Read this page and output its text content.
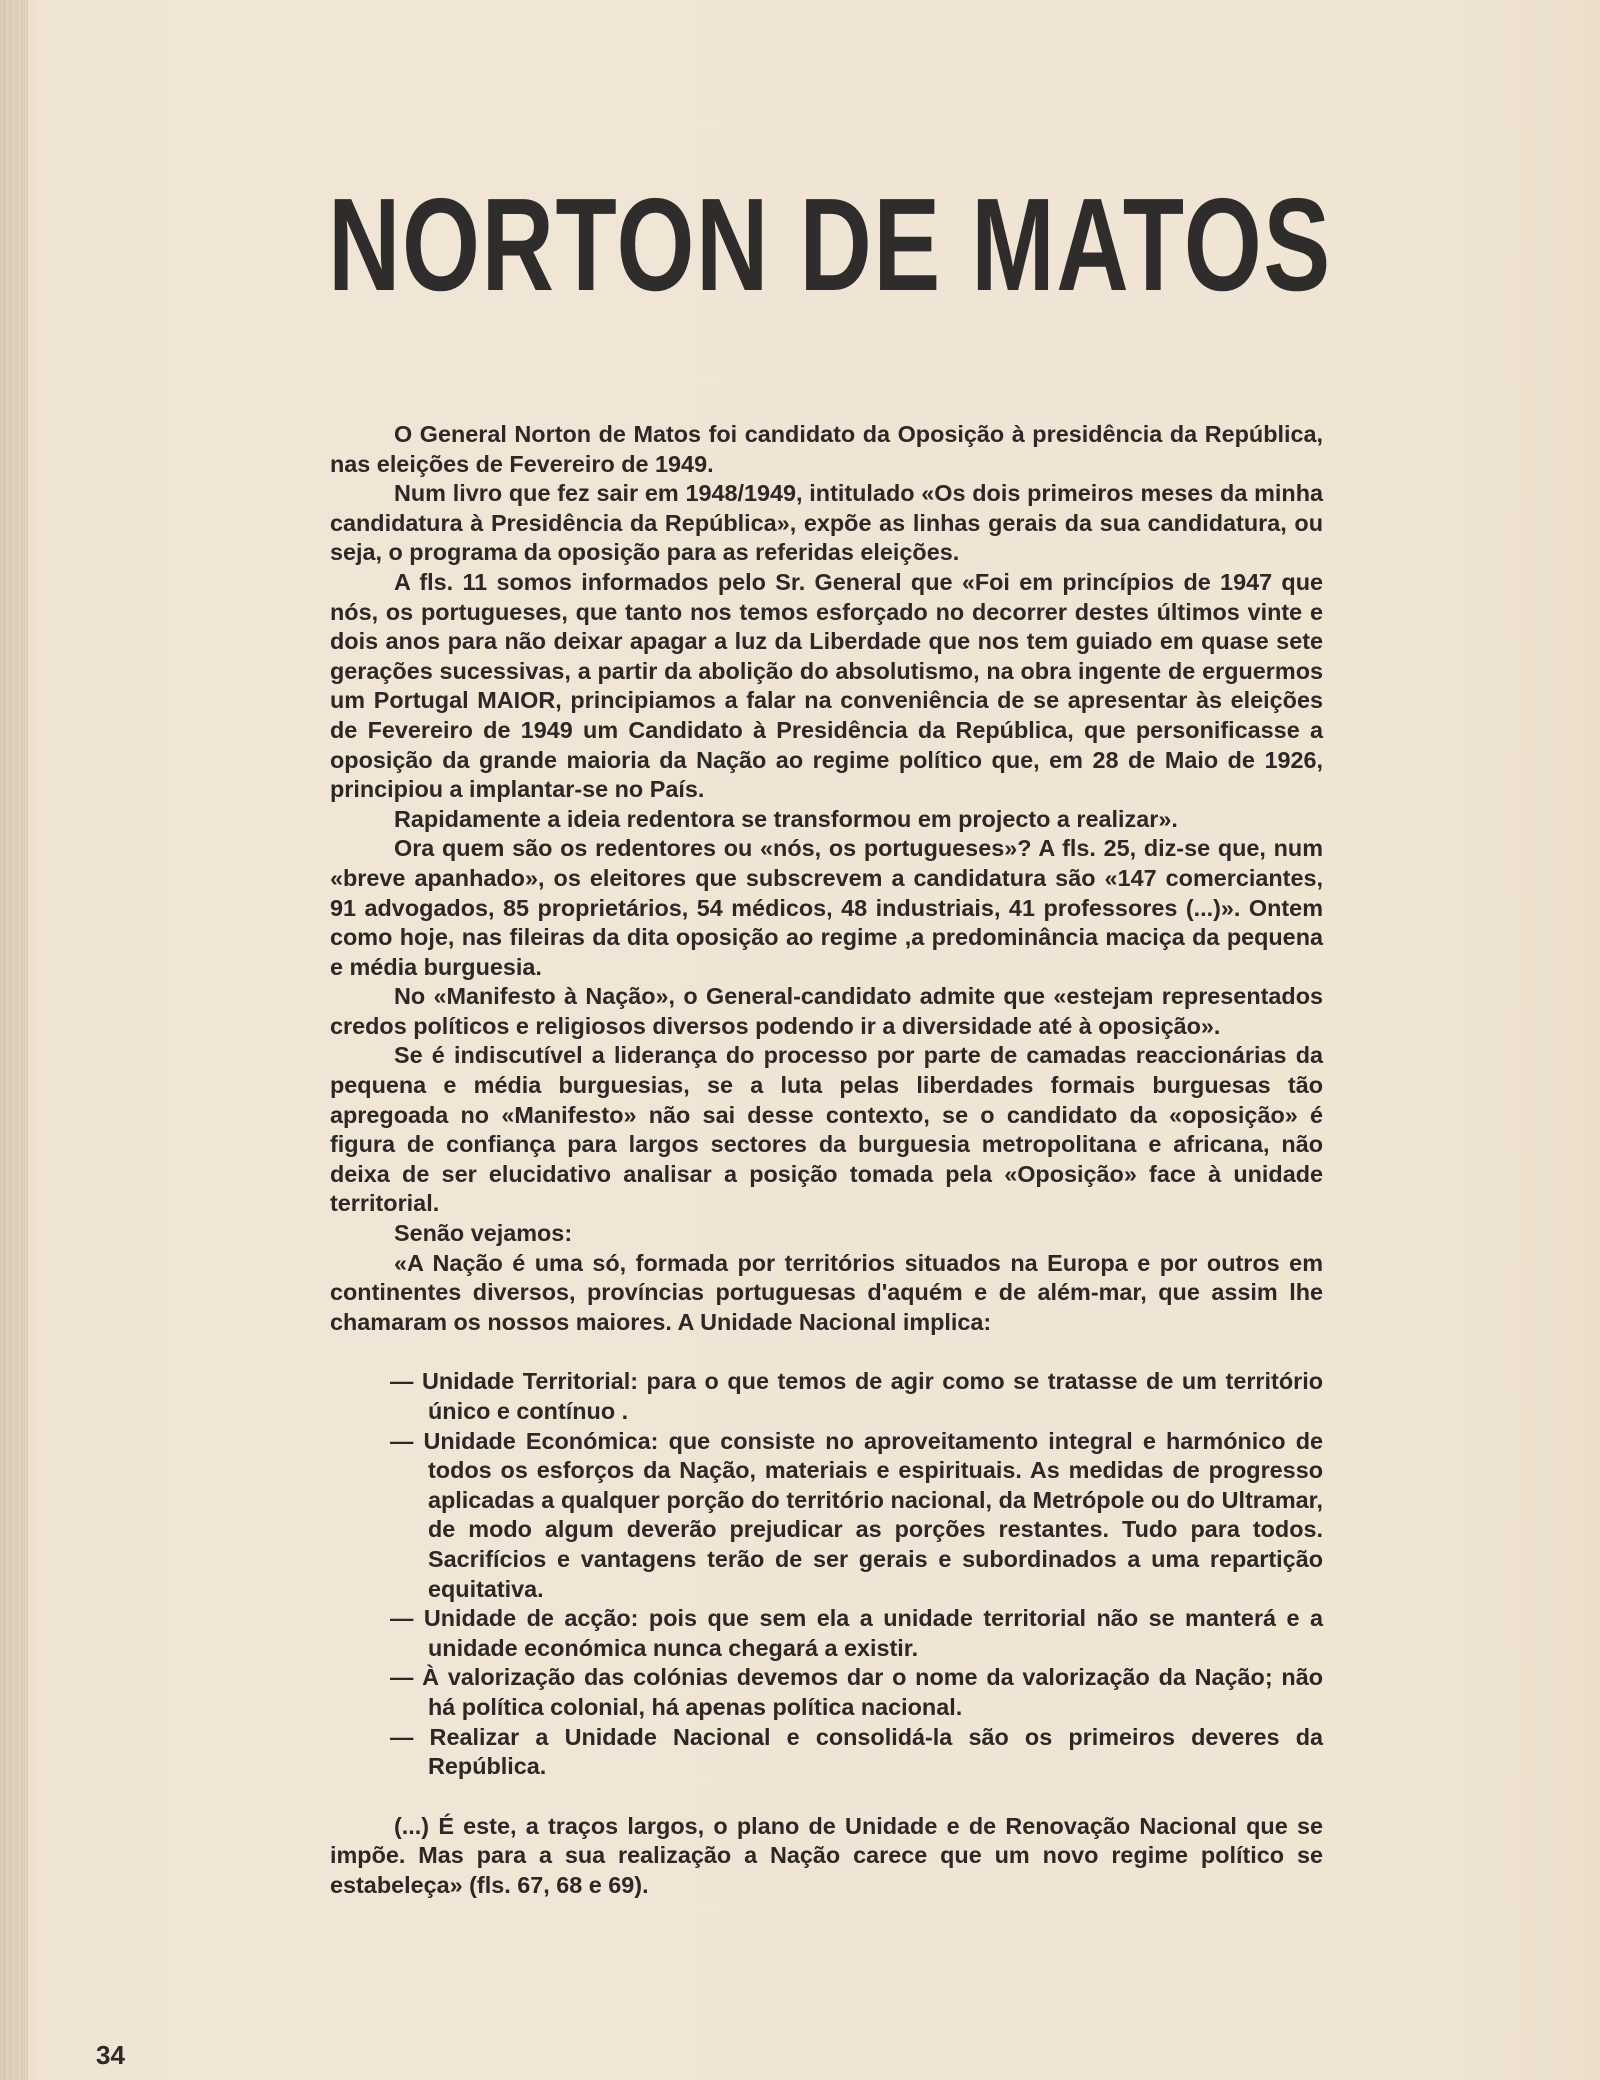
NORTON DE MATOS

O General Norton de Matos foi candidato da Oposição à presidência da República, nas eleições de Fevereiro de 1949.

Num livro que fez sair em 1948/1949, intitulado «Os dois primeiros meses da minha candidatura à Presidência da República», expõe as linhas gerais da sua candidatura, ou seja, o programa da oposição para as referidas eleições.

A fls. 11 somos informados pelo Sr. General que «Foi em princípios de 1947 que nós, os portugueses, que tanto nos temos esforçado no decorrer destes últimos vinte e dois anos para não deixar apagar a luz da Liberdade que nos tem guiado em quase sete gerações sucessivas, a partir da abolição do absolutismo, na obra ingente de erguermos um Portugal MAIOR, principiamos a falar na conveniência de se apresentar às eleições de Fevereiro de 1949 um Candidato à Presidência da República, que personificasse a oposição da grande maioria da Nação ao regime político que, em 28 de Maio de 1926, principiou a implantar-se no País.

Rapidamente a ideia redentora se transformou em projecto a realizar».

Ora quem são os redentores ou «nós, os portugueses»? A fls. 25, diz-se que, num «breve apanhado», os eleitores que subscrevem a candidatura são «147 comerciantes, 91 advogados, 85 proprietários, 54 médicos, 48 industriais, 41 professores (...)». Ontem como hoje, nas fileiras da dita oposição ao regime ,a predominância maciça da pequena e média burguesia.

No «Manifesto à Nação», o General-candidato admite que «estejam representados credos políticos e religiosos diversos podendo ir a diversidade até à oposição».

Se é indiscutível a liderança do processo por parte de camadas reaccionárias da pequena e média burguesias, se a luta pelas liberdades formais burguesas tão apregoada no «Manifesto» não sai desse contexto, se o candidato da «oposição» é figura de confiança para largos sectores da burguesia metropolitana e africana, não deixa de ser elucidativo analisar a posição tomada pela «Oposição» face à unidade territorial.

Senão vejamos:

«A Nação é uma só, formada por territórios situados na Europa e por outros em continentes diversos, províncias portuguesas d'aquém e de além-mar, que assim lhe chamaram os nossos maiores. A Unidade Nacional implica:

— Unidade Territorial: para o que temos de agir como se tratasse de um território único e contínuo .
— Unidade Económica: que consiste no aproveitamento integral e harmónico de todos os esforços da Nação, materiais e espirituais. As medidas de progresso aplicadas a qualquer porção do território nacional, da Metrópole ou do Ultramar, de modo algum deverão prejudicar as porções restantes. Tudo para todos. Sacrifícios e vantagens terão de ser gerais e subordinados a uma repartição equitativa.
— Unidade de acção: pois que sem ela a unidade territorial não se manterá e a unidade económica nunca chegará a existir.
— À valorização das colónias devemos dar o nome da valorização da Nação; não há política colonial, há apenas política nacional.
— Realizar a Unidade Nacional e consolidá-la são os primeiros deveres da República.

(...) É este, a traços largos, o plano de Unidade e de Renovação Nacional que se impõe. Mas para a sua realização a Nação carece que um novo regime político se estabeleça» (fls. 67, 68 e 69).

34
